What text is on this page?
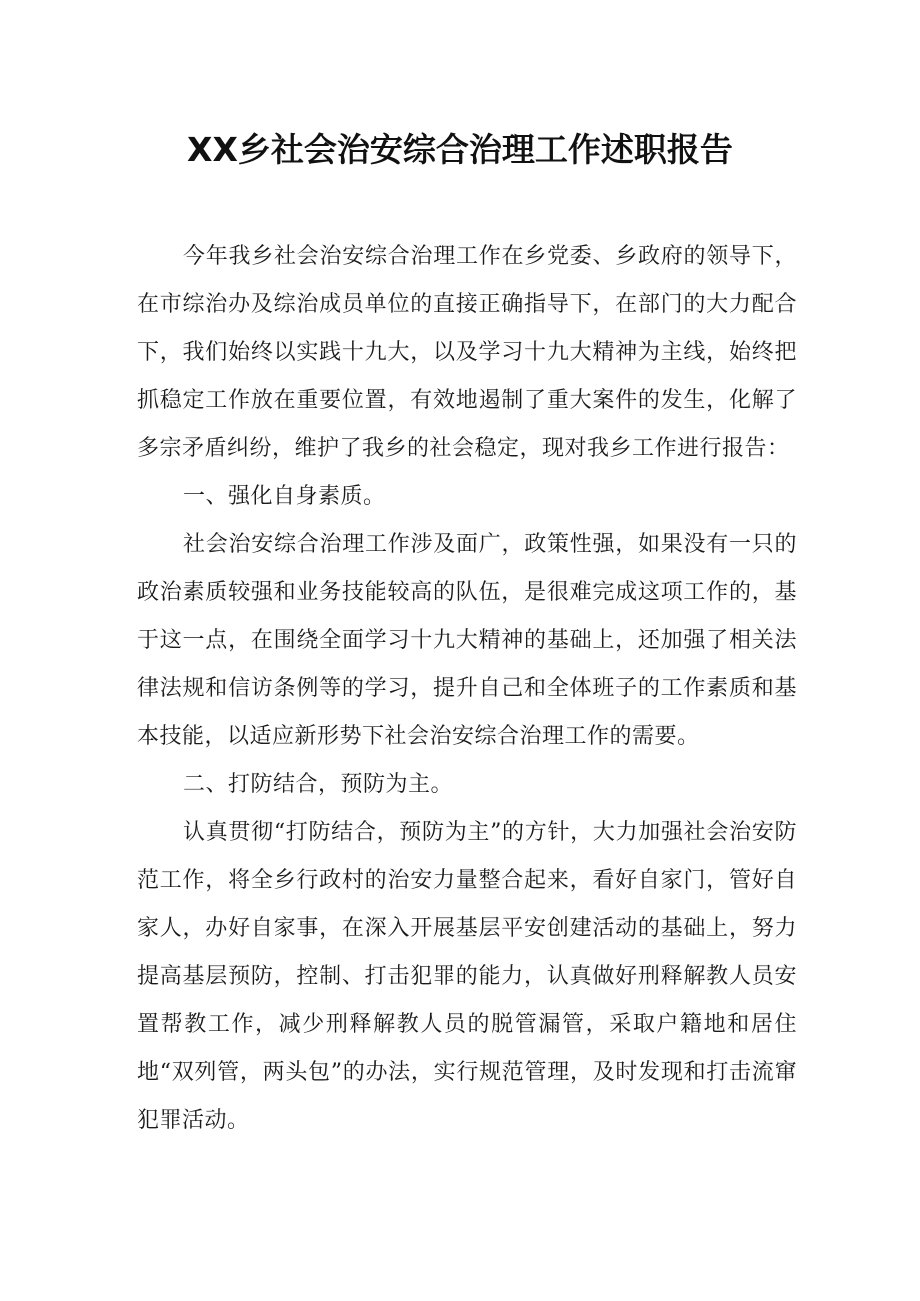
XX乡社会治安综合治理工作述职报告

今年我乡社会治安综合治理工作在乡党委、乡政府的领导下，在市综治办及综治成员单位的直接正确指导下，在部门的大力配合下，我们始终以实践十九大，以及学习十九大精神为主线，始终把抓稳定工作放在重要位置，有效地遏制了重大案件的发生，化解了多宗矛盾纠纷，维护了我乡的社会稳定，现对我乡工作进行报告：

一、强化自身素质。

社会治安综合治理工作涉及面广，政策性强，如果没有一只的政治素质较强和业务技能较高的队伍，是很难完成这项工作的，基于这一点，在围绕全面学习十九大精神的基础上，还加强了相关法律法规和信访条例等的学习，提升自己和全体班子的工作素质和基本技能，以适应新形势下社会治安综合治理工作的需要。

二、打防结合，预防为主。

认真贯彻“打防结合，预防为主”的方针，大力加强社会治安防范工作，将全乡行政村的治安力量整合起来，看好自家门，管好自家人，办好自家事，在深入开展基层平安创建活动的基础上，努力提高基层预防，控制、打击犯罪的能力，认真做好刑释解教人员安置帮教工作，减少刑释解教人员的脱管漏管，采取户籍地和居住地“双列管，两头包”的办法，实行规范管理，及时发现和打击流窜犯罪活动。
